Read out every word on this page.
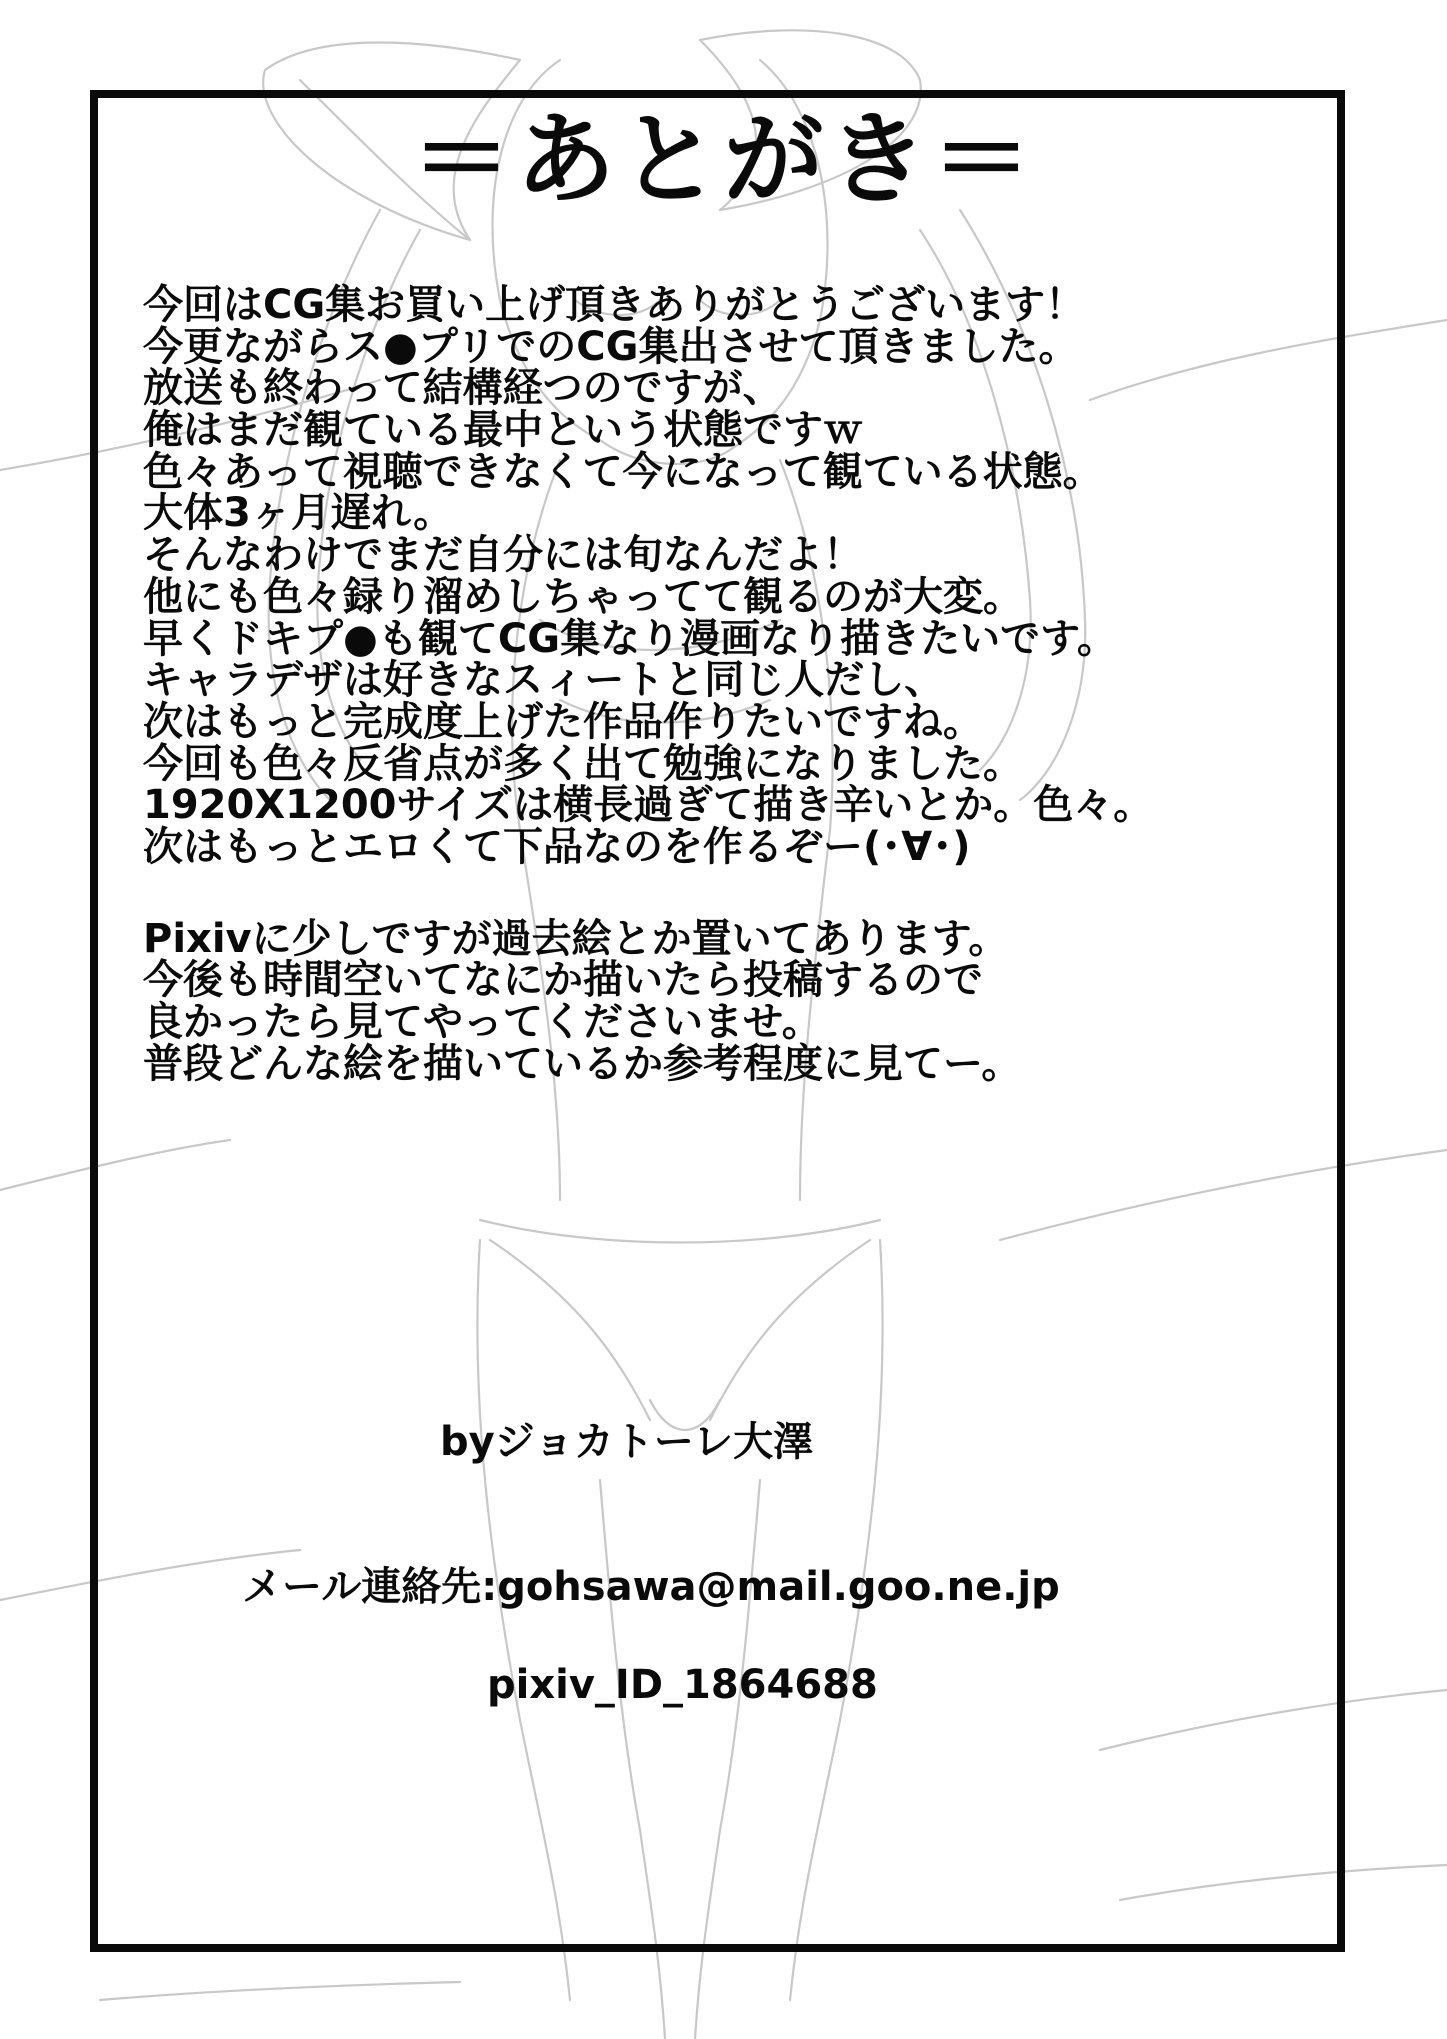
＝あとがき＝
今回はCG集お買い上げ頂きありがとうございます！
今更ながらス●プリでのCG集出させて頂きました。
放送も終わって結構経つのですが、
俺はまだ観ている最中という状態ですｗ
色々あって視聴できなくて今になって観ている状態。
大体3ヶ月遅れ。
そんなわけでまだ自分には旬なんだよ！
他にも色々録り溜めしちゃってて観るのが大変。
早くドキプ●も観てCG集なり漫画なり描きたいです。
キャラデザは好きなスィートと同じ人だし、
次はもっと完成度上げた作品作りたいですね。
今回も色々反省点が多く出て勉強になりました。
1920X1200サイズは横長過ぎて描き辛いとか。色々。
次はもっとエロくて下品なのを作るぞー(･∀･)
Pixivに少しですが過去絵とか置いてあります。
今後も時間空いてなにか描いたら投稿するので
良かったら見てやってくださいませ。
普段どんな絵を描いているか参考程度に見てー。
byジョカトーレ大澤
メール連絡先:gohsawa@mail.goo.ne.jp
pixiv_ID_1864688
